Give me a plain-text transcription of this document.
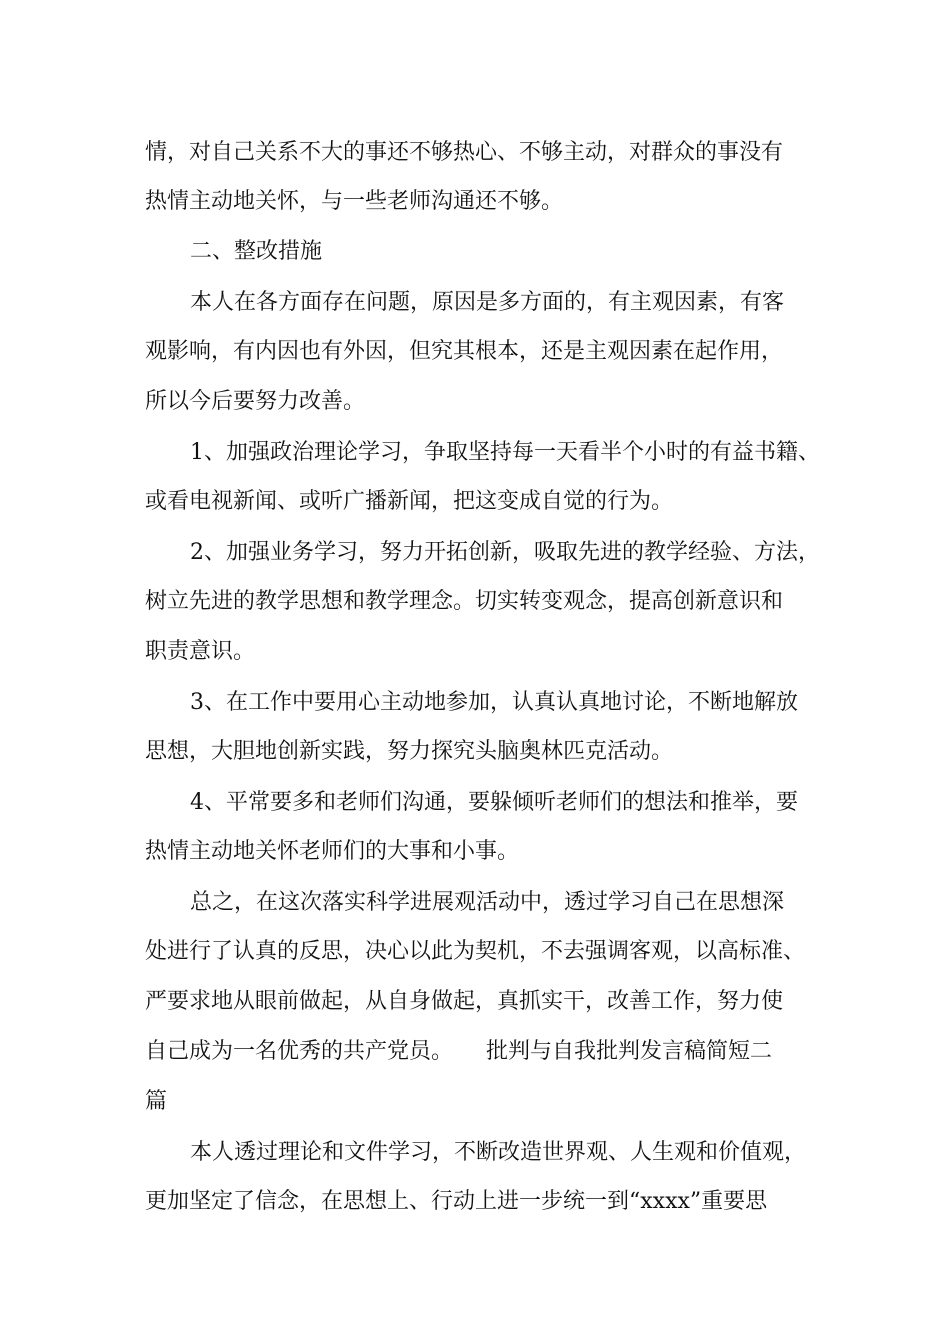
情，对自己关系不大的事还不够热心、不够主动，对群众的事没有
热情主动地关怀，与一些老师沟通还不够。
二、整改措施
本人在各方面存在问题，原因是多方面的，有主观因素，有客
观影响，有内因也有外因，但究其根本，还是主观因素在起作用，
所以今后要努力改善。
1、加强政治理论学习，争取坚持每一天看半个小时的有益书籍、
或看电视新闻、或听广播新闻，把这变成自觉的行为。
2、加强业务学习，努力开拓创新，吸取先进的教学经验、方法，
树立先进的教学思想和教学理念。切实转变观念，提高创新意识和
职责意识。
3、在工作中要用心主动地参加，认真认真地讨论，不断地解放
思想，大胆地创新实践，努力探究头脑奥林匹克活动。
4、平常要多和老师们沟通，要躲倾听老师们的想法和推举，要
热情主动地关怀老师们的大事和小事。
总之，在这次落实科学进展观活动中，透过学习自己在思想深
处进行了认真的反思，决心以此为契机，不去强调客观，以高标准、
严要求地从眼前做起，从自身做起，真抓实干，改善工作，努力使
自己成为一名优秀的共产党员。　　批判与自我批判发言稿简短二
篇
本人透过理论和文件学习，不断改造世界观、人生观和价值观，
更加坚定了信念，在思想上、行动上进一步统一到“xxxx”重要思
